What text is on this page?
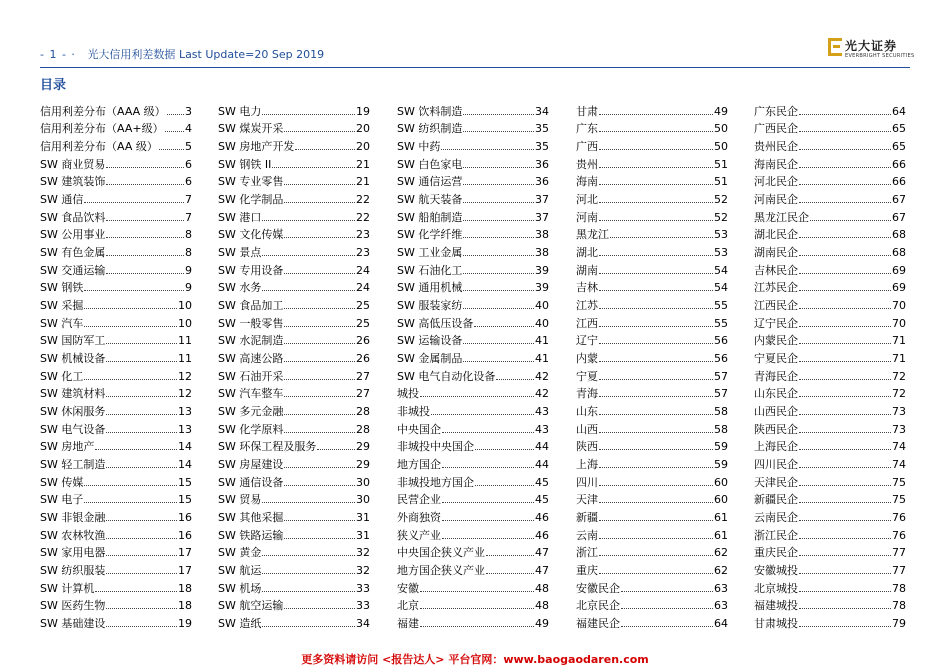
- 1 - · 光大信用利差数据 Last Update=20 Sep 2019
光大证券
EVERBRIGHT SECURITIES
目录
信用利差分布（AAA 级） 3
信用利差分布（AA+级） 4
信用利差分布（AA 级） 5
SW 商业贸易	6
SW 建筑装饰	6
SW 通信	7
SW 食品饮料	7
SW 公用事业	8
SW 有色金属	8
SW 交通运输	9
SW 钢铁	9
SW 采掘	10
SW 汽车	10
SW 国防军工	11
SW 机械设备	11
SW 化工	12
SW 建筑材料	12
SW 休闲服务	13
SW 电气设备	13
SW 房地产	14
SW 轻工制造	14
SW 传媒	15
SW 电子	15
SW 非银金融	16
SW 农林牧渔	16
SW 家用电器	17
SW 纺织服装	17
SW 计算机	18
SW 医药生物	18
SW 基础建设	19
SW 电力	19
SW 煤炭开采	20
SW 房地产开发	20
SW 钢铁 II	21
SW 专业零售	21
SW 化学制品	22
SW 港口	22
SW 文化传媒	23
SW 景点	23
SW 专用设备	24
SW 水务	24
SW 食品加工	25
SW 一般零售	25
SW 水泥制造	26
SW 高速公路	26
SW 石油开采	27
SW 汽车整车	27
SW 多元金融	28
SW 化学原料	28
SW 环保工程及服务	29
SW 房屋建设	29
SW 通信设备	30
SW 贸易	30
SW 其他采掘	31
SW 铁路运输	31
SW 黄金	32
SW 航运	32
SW 机场	33
SW 航空运输	33
SW 造纸	34
SW 饮料制造	34
SW 纺织制造	35
SW 中药	35
SW 白色家电	36
SW 通信运营	36
SW 航天装备	37
SW 船舶制造	37
SW 化学纤维	38
SW 工业金属	38
SW 石油化工	39
SW 通用机械	39
SW 服装家纺	40
SW 高低压设备	40
SW 运输设备	41
SW 金属制品	41
SW 电气自动化设备	42
城投	42
非城投	43
中央国企	43
非城投中央国企	44
地方国企	44
非城投地方国企	45
民营企业	45
外商独资	46
狭义产业	46
中央国企狭义产业	47
地方国企狭义产业	47
安徽	48
北京	48
福建	49
甘肃	49
广东	50
广西	50
贵州	51
海南	51
河北	52
河南	52
黑龙江	53
湖北	53
湖南	54
吉林	54
江苏	55
江西	55
辽宁	56
内蒙	56
宁夏	57
青海	57
山东	58
山西	58
陕西	59
上海	59
四川	60
天津	60
新疆	61
云南	61
浙江	62
重庆	62
安徽民企	63
北京民企	63
福建民企	64
广东民企	64
广西民企	65
贵州民企	65
海南民企	66
河北民企	66
河南民企	67
黑龙江民企	67
湖北民企	68
湖南民企	68
吉林民企	69
江苏民企	69
江西民企	70
辽宁民企	70
内蒙民企	71
宁夏民企	71
青海民企	72
山东民企	72
山西民企	73
陕西民企	73
上海民企	74
四川民企	74
天津民企	75
新疆民企	75
云南民企	76
浙江民企	76
重庆民企	77
安徽城投	77
北京城投	78
福建城投	78
甘肃城投	79
更多资料请访问 <报告达人> 平台官网：www.baogaodaren.com
